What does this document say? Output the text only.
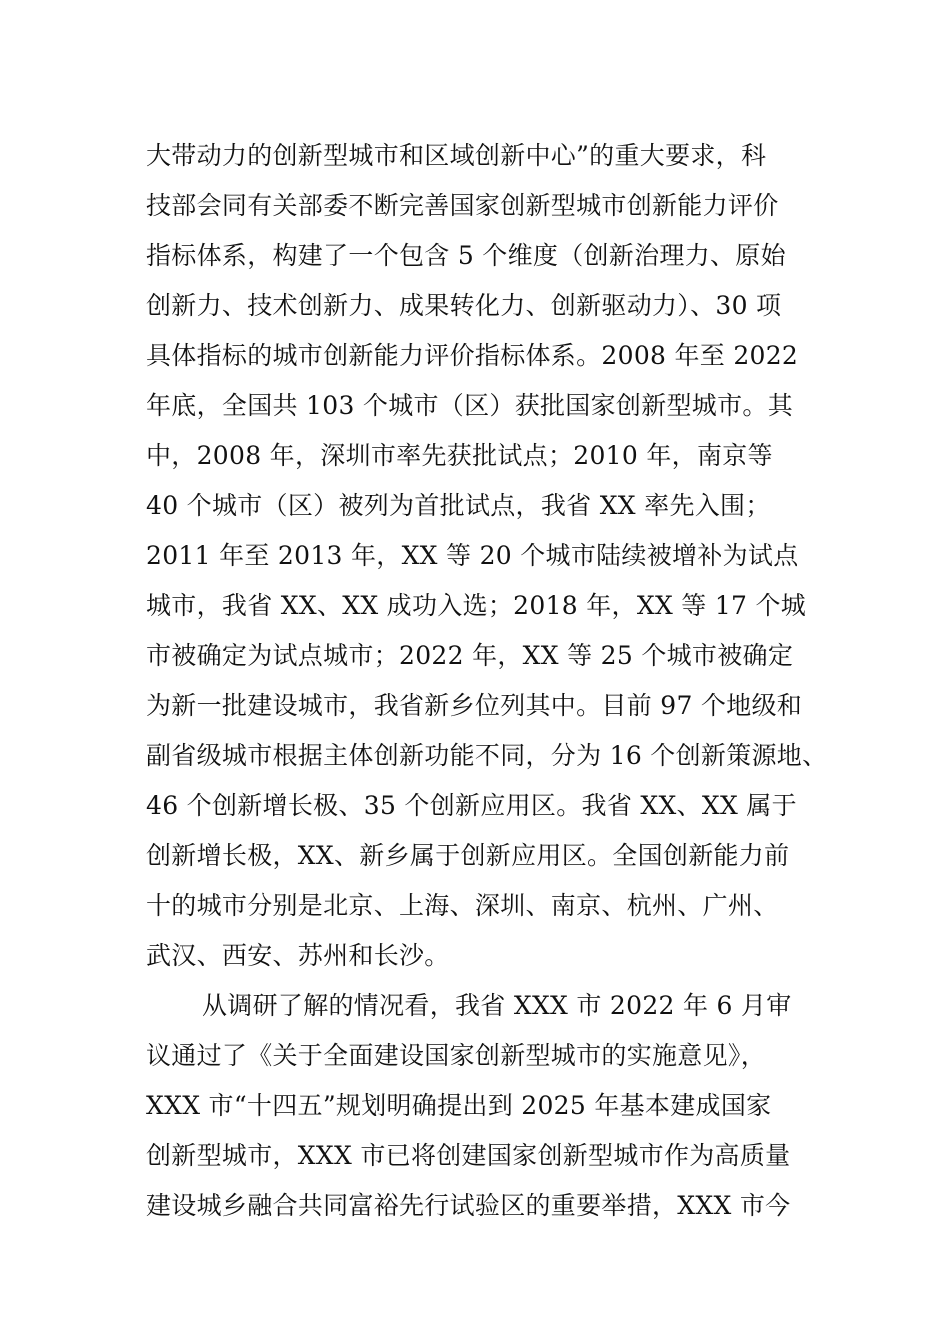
大带动力的创新型城市和区域创新中心”的重大要求，科
技部会同有关部委不断完善国家创新型城市创新能力评价
指标体系，构建了一个包含 5 个维度（创新治理力、原始
创新力、技术创新力、成果转化力、创新驱动力）、30 项
具体指标的城市创新能力评价指标体系。2008 年至 2022
年底，全国共 103 个城市（区）获批国家创新型城市。其
中，2008 年，深圳市率先获批试点；2010 年，南京等
40 个城市（区）被列为首批试点，我省 XX 率先入围；
2011 年至 2013 年，XX 等 20 个城市陆续被增补为试点
城市，我省 XX、XX 成功入选；2018 年，XX 等 17 个城
市被确定为试点城市；2022 年，XX 等 25 个城市被确定
为新一批建设城市，我省新乡位列其中。目前 97 个地级和
副省级城市根据主体创新功能不同，分为 16 个创新策源地、
46 个创新增长极、35 个创新应用区。我省 XX、XX 属于
创新增长极，XX、新乡属于创新应用区。全国创新能力前
十的城市分别是北京、上海、深圳、南京、杭州、广州、
武汉、西安、苏州和长沙。
从调研了解的情况看，我省 XXX 市 2022 年 6 月审
议通过了《关于全面建设国家创新型城市的实施意见》，
XXX 市“十四五”规划明确提出到 2025 年基本建成国家
创新型城市，XXX 市已将创建国家创新型城市作为高质量
建设城乡融合共同富裕先行试验区的重要举措，XXX 市今
